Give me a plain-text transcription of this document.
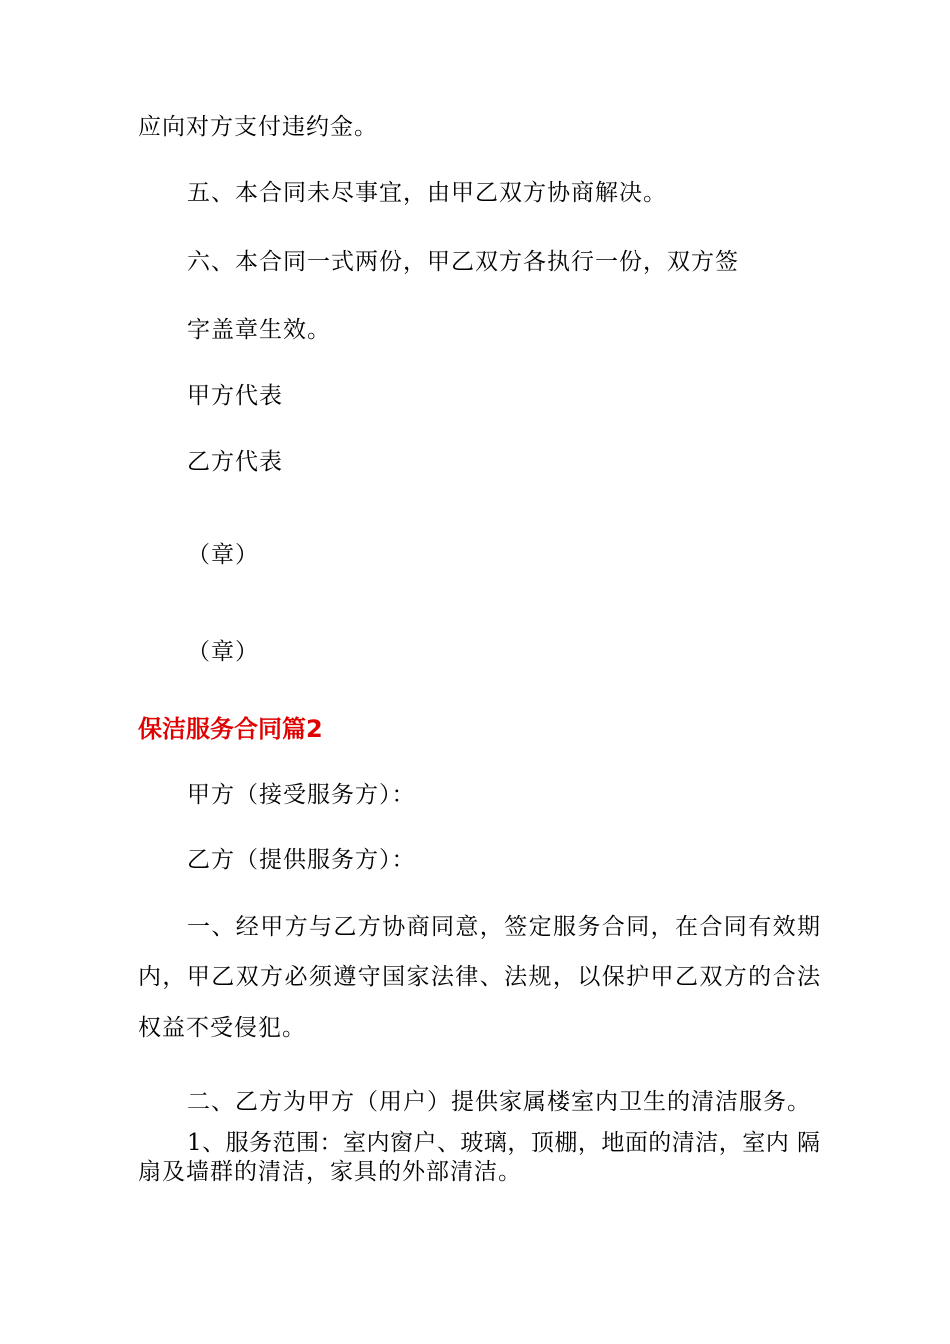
应向对方支付违约金。
五、本合同未尽事宜，由甲乙双方协商解决。
六、本合同一式两份，甲乙双方各执行一份，双方签
字盖章生效。
甲方代表
乙方代表
（章）
（章）
保洁服务合同篇2
甲方（接受服务方）：
乙方（提供服务方）：
一、经甲方与乙方协商同意，签定服务合同，在合同有效期
内，甲乙双方必须遵守国家法律、法规，以保护甲乙双方的合法
权益不受侵犯。
二、乙方为甲方（用户）提供家属楼室内卫生的清洁服务。
1、服务范围：室内窗户、玻璃，顶棚，地面的清洁，室内 隔
扇及墙群的清洁，家具的外部清洁。
